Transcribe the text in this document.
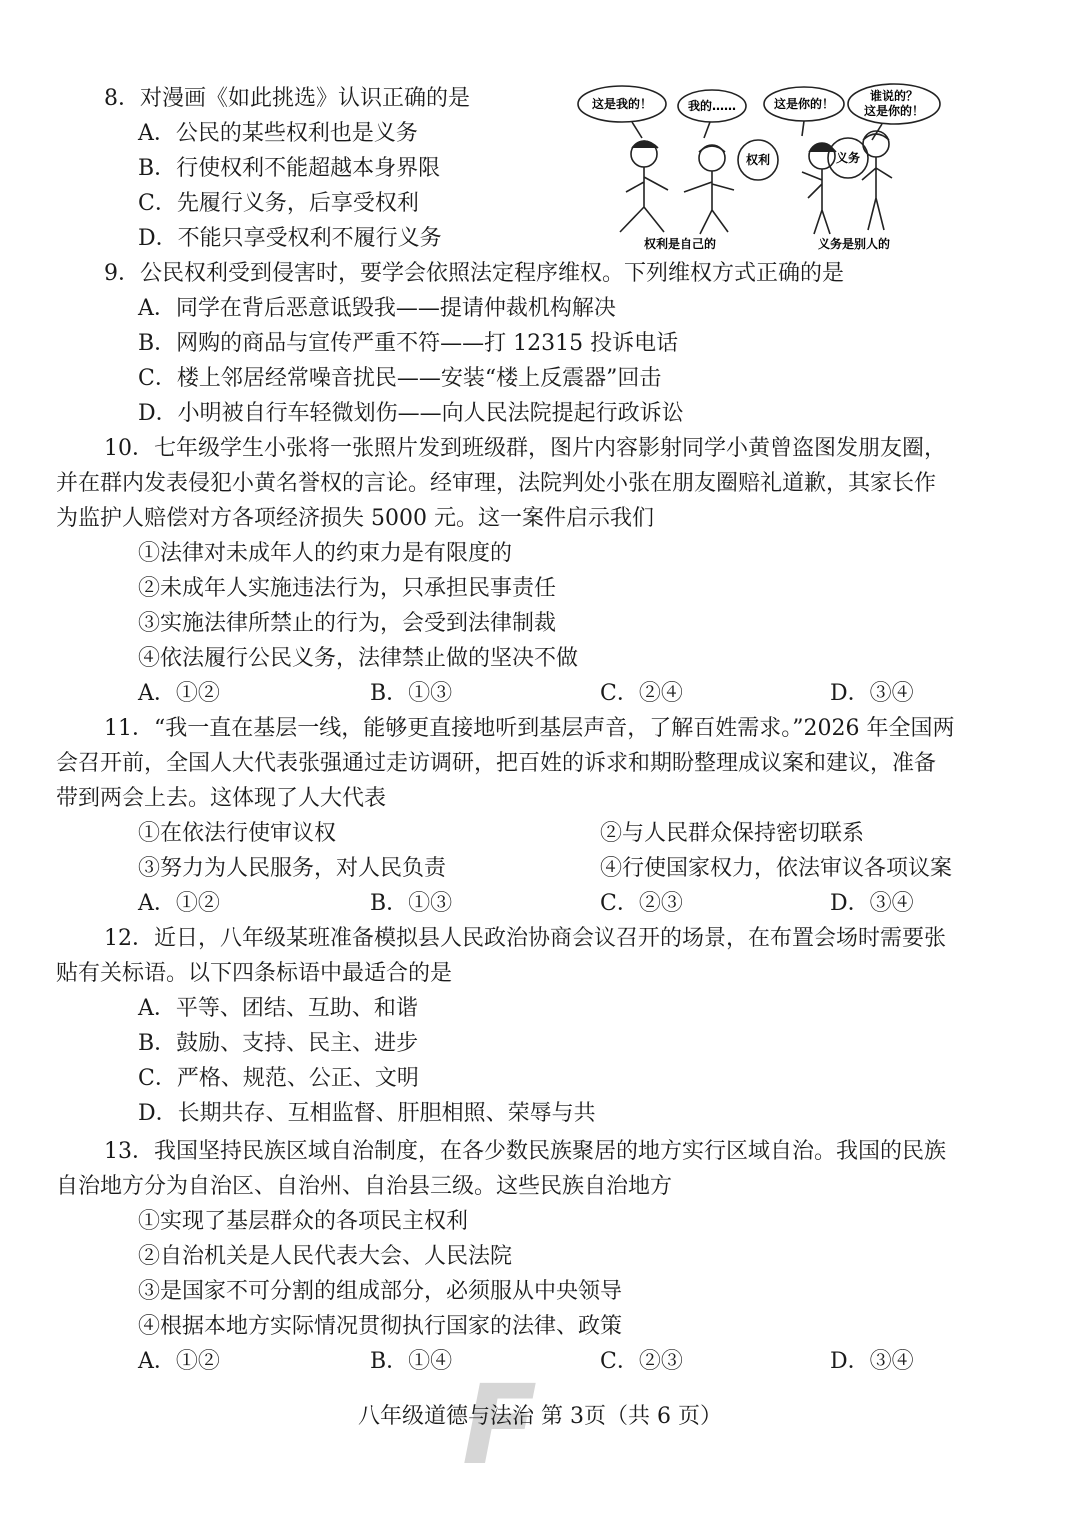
8．对漫画《如此挑选》认识正确的是
A．公民的某些权利也是义务
B．行使权利不能超越本身界限
C．先履行义务，后享受权利
D．不能只享受权利不履行义务
这是我的！	我的……	这是你的！
谁说的？
这是你的！
权利	义务
权利是自己的	义务是别人的
9．公民权利受到侵害时，要学会依照法定程序维权。下列维权方式正确的是
A．同学在背后恶意诋毁我——提请仲裁机构解决
B．网购的商品与宣传严重不符——打 12315 投诉电话
C．楼上邻居经常噪音扰民——安装“楼上反震器”回击
D．小明被自行车轻微划伤——向人民法院提起行政诉讼
10．七年级学生小张将一张照片发到班级群，图片内容影射同学小黄曾盗图发朋友圈，
并在群内发表侵犯小黄名誉权的言论。经审理，法院判处小张在朋友圈赔礼道歉，其家长作
为监护人赔偿对方各项经济损失 5000 元。这一案件启示我们
①法律对未成年人的约束力是有限度的
②未成年人实施违法行为，只承担民事责任
③实施法律所禁止的行为，会受到法律制裁
④依法履行公民义务，法律禁止做的坚决不做
A．①②	B．①③	C．②④	D．③④
11．“我一直在基层一线，能够更直接地听到基层声音，了解百姓需求。”2026 年全国两
会召开前，全国人大代表张强通过走访调研，把百姓的诉求和期盼整理成议案和建议，准备
带到两会上去。这体现了人大代表
①在依法行使审议权	②与人民群众保持密切联系
③努力为人民服务，对人民负责	④行使国家权力，依法审议各项议案
A．①②	B．①③	C．②③	D．③④
12．近日，八年级某班准备模拟县人民政治协商会议召开的场景，在布置会场时需要张
贴有关标语。以下四条标语中最适合的是
A．平等、团结、互助、和谐
B．鼓励、支持、民主、进步
C．严格、规范、公正、文明
D．长期共存、互相监督、肝胆相照、荣辱与共
13．我国坚持民族区域自治制度，在各少数民族聚居的地方实行区域自治。我国的民族
自治地方分为自治区、自治州、自治县三级。这些民族自治地方
①实现了基层群众的各项民主权利
②自治机关是人民代表大会、人民法院
③是国家不可分割的组成部分，必须服从中央领导
④根据本地方实际情况贯彻执行国家的法律、政策
A．①②	B．①④	C．②③	D．③④
F
八年级道德与法治 第 3页（共 6 页）
